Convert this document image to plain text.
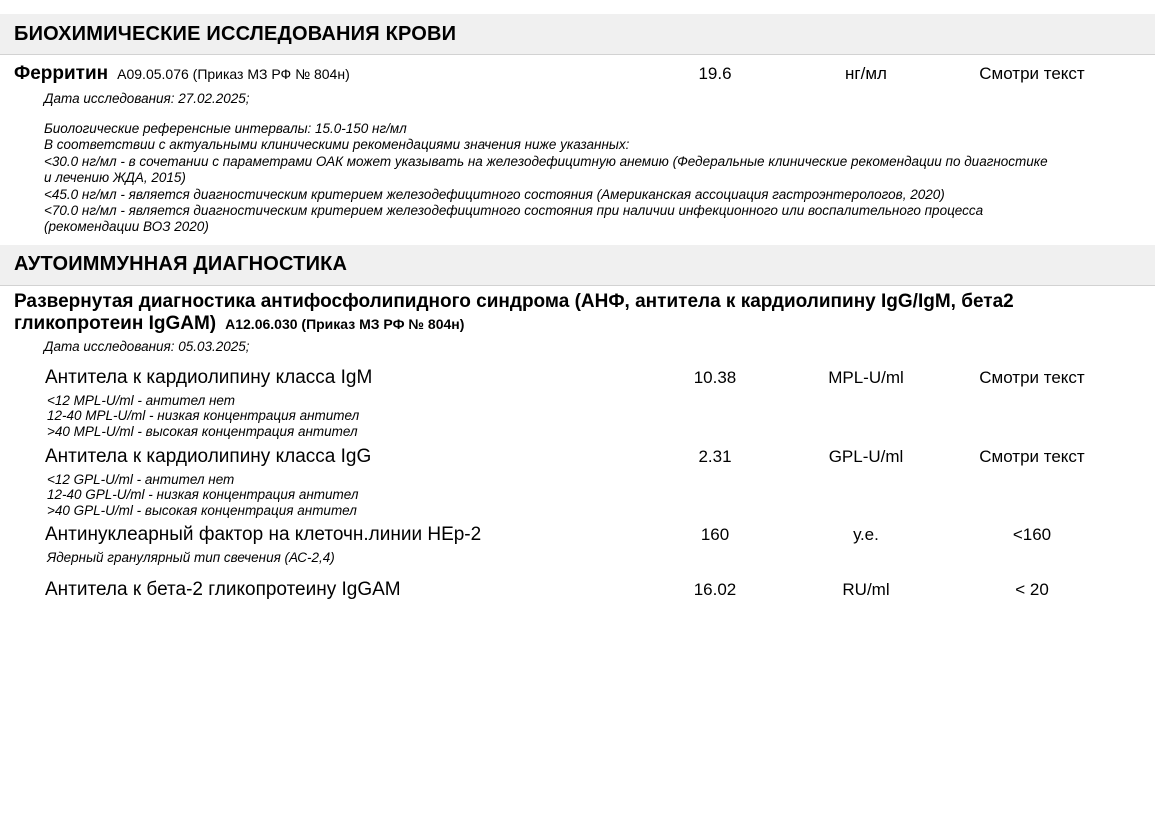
БИОХИМИЧЕСКИЕ ИССЛЕДОВАНИЯ КРОВИ
Ферритин А09.05.076 (Приказ МЗ РФ № 804н)	19.6	нг/мл	Смотри текст
Дата исследования: 27.02.2025;
Биологические референсные интервалы: 15.0-150 нг/мл
В соответствии с актуальными клиническими рекомендациями значения ниже указанных:
<30.0 нг/мл - в сочетании с параметрами ОАК может указывать на железодефицитную анемию (Федеральные клинические рекомендации по диагностике
и лечению ЖДА, 2015)
<45.0 нг/мл - является диагностическим критерием железодефицитного состояния (Американская ассоциация гастроэнтерологов, 2020)
<70.0 нг/мл - является диагностическим критерием железодефицитного состояния при наличии инфекционного или воспалительного процесса
(рекомендации ВОЗ 2020)
АУТОИММУННАЯ ДИАГНОСТИКА
Развернутая диагностика антифосфолипидного синдрома (АНФ, антитела к кардиолипину IgG/IgM, бета2
гликопротеин IgGAM) А12.06.030 (Приказ МЗ РФ № 804н)
Дата исследования: 05.03.2025;
Антитела к кардиолипину класса IgM	10.38	MPL-U/ml	Смотри текст
<12 MPL-U/ml - антител нет
12-40 MPL-U/ml - низкая концентрация антител
>40 MPL-U/ml - высокая концентрация антител
Антитела к кардиолипину класса IgG	2.31	GPL-U/ml	Смотри текст
<12 GPL-U/ml - антител нет
12-40 GPL-U/ml - низкая концентрация антител
>40 GPL-U/ml - высокая концентрация антител
Антинуклеарный фактор на клеточн.линии HEp-2	160	у.е.	<160
Ядерный гранулярный тип свечения (АС-2,4)
Антитела к бета-2 гликопротеину IgGAM	16.02	RU/ml	< 20
